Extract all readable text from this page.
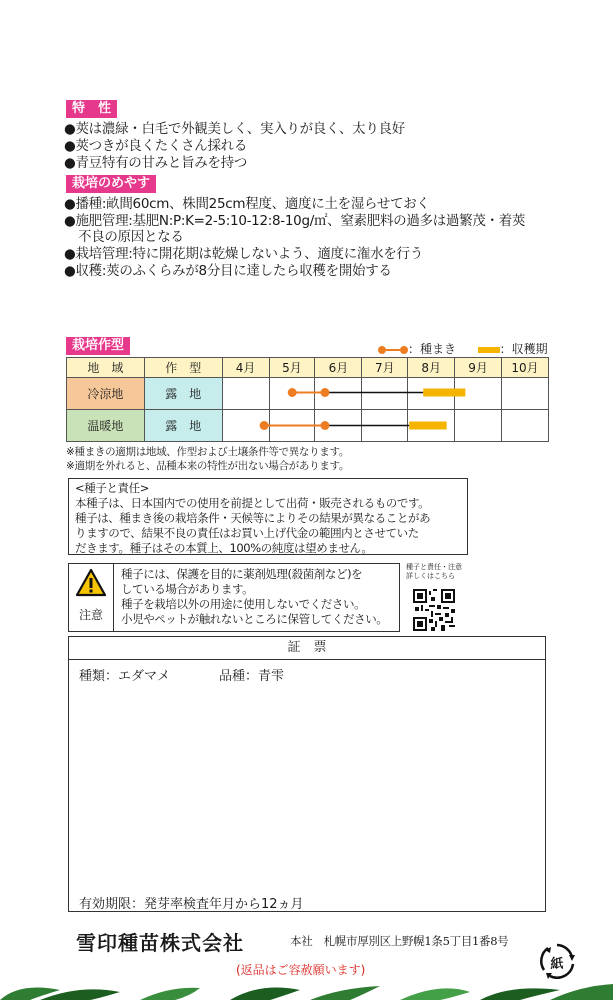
特　性
●莢は濃緑・白毛で外観美しく、実入りが良く、太り良好
●莢つきが良くたくさん採れる
●青豆特有の甘みと旨みを持つ
栽培のめやす
●播種:畝間60cm、株間25cm程度、適度に土を湿らせておく
●施肥管理:基肥N:P:K=2-5:10-12:8-10g/㎡、窒素肥料の過多は過繁茂・着莢
不良の原因となる
●栽培管理:特に開花期は乾燥しないよう、適度に潅水を行う
●収穫:莢のふくらみが8分目に達したら収穫を開始する
栽培作型	：種まき	：収穫期
地　域	作　型	4月	5月	6月	7月	8月	9月	10月
冷涼地	露　地							
温暖地	露　地							
※種まきの適期は地域、作型および土壌条件等で異なります。
※適期を外れると、品種本来の特性が出ない場合があります。
<種子と責任>
本種子は、日本国内での使用を前提として出荷・販売されるものです。
種子は、種まき後の栽培条件・天候等によりその結果が異なることがあ
りますので、結果不良の責任はお買い上げ代金の範囲内とさせていた
だきます。種子はその本質上、100%の純度は望めません。
注意
種子には、保護を目的に薬剤処理(殺菌剤など)を
している場合があります。
種子を栽培以外の用途に使用しないでください。
小児やペットが触れないところに保管してください。
種子と責任・注意
詳しくはこちら
証　票
種類：エダマメ	品種：青雫
有効期限：発芽率検査年月から12ヵ月
雪印種苗株式会社	本社　札幌市厚別区上野幌1条5丁目1番8号
(返品はご容赦願います)	紙
